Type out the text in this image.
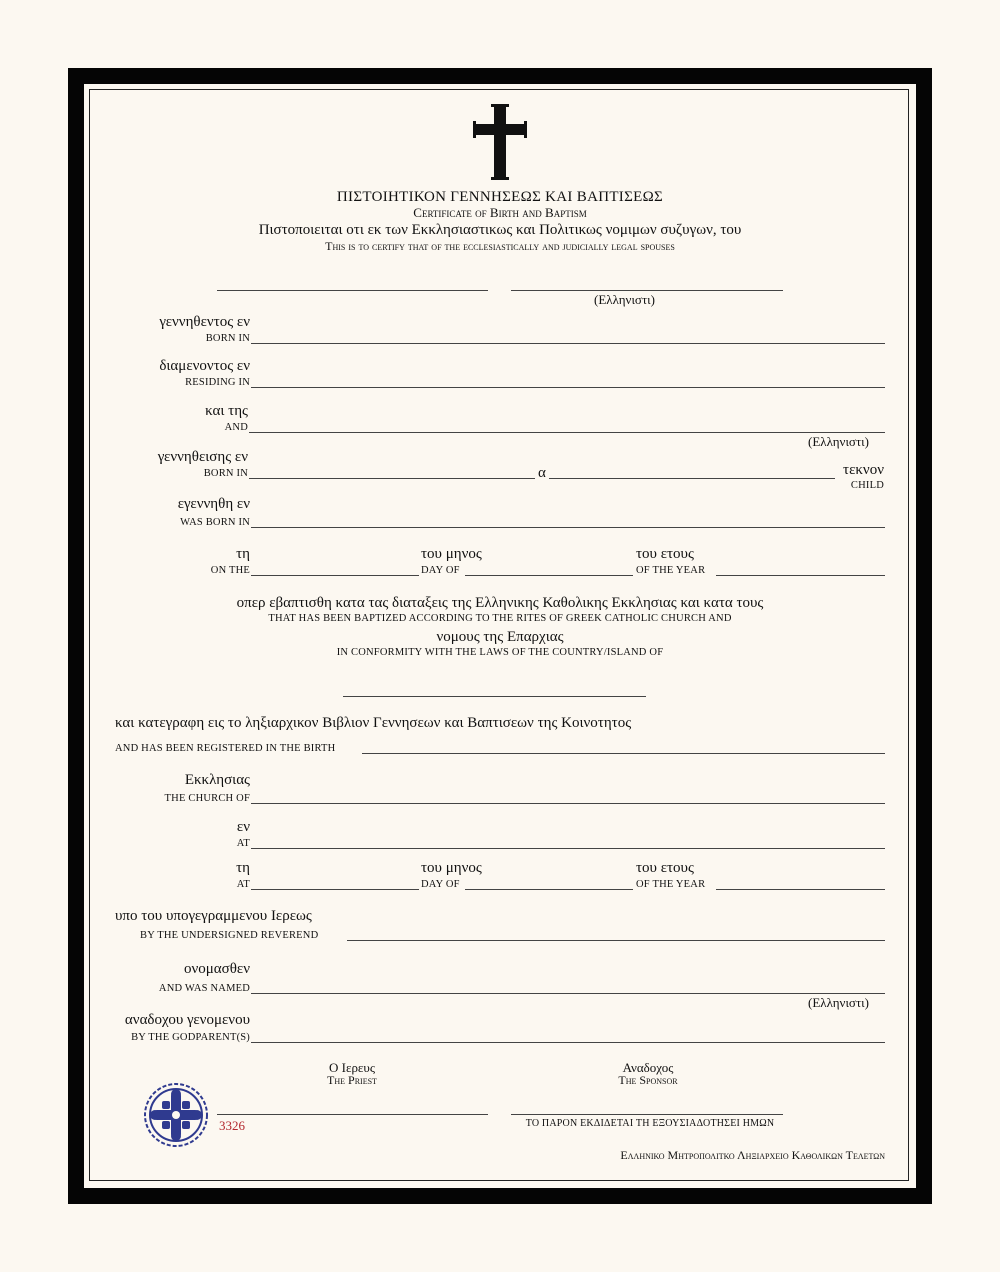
ΠΙΣΤΟΙΗΤΙΚΟΝ ΓΕΝΝΗΣΕΩΣ ΚΑΙ ΒΑΠΤΙΣΕΩΣ
Certificate of Birth and Baptism
Πιστοποιειται οτι εκ των Εκκλησιαστικως και Πολιτικως νομιμων συζυγων, του
This is to certify that of the ecclesiastically and judicially legal spouses
(Ελληνιστι)
γεννηθεντος εν
BORN IN
διαμενοντος εν
RESIDING IN
και της
AND
(Ελληνιστι)
γεννηθεισης εν
BORN IN	α	τεκνον
CHILD
εγεννηθη εν
WAS BORN IN
τη
ON THE
του μηνος
DAY OF
του ετους
OF THE YEAR
οπερ εβαπτισθη κατα τας διαταξεις της Ελληνικης Καθολικης Εκκλησιας και κατα τους
THAT HAS BEEN BAPTIZED ACCORDING TO THE RITES OF GREEK CATHOLIC CHURCH AND
νομους της Επαρχιας
IN CONFORMITY WITH THE LAWS OF THE COUNTRY/ISLAND OF
και κατεγραφη εις το ληξιαρχικον Βιβλιον Γεννησεων και Βαπτισεων της Κοινοτητος
AND HAS BEEN REGISTERED IN THE BIRTH
Εκκλησιας
THE CHURCH OF
εν
AT
τη
AT
του μηνος
DAY OF
του ετους
OF THE YEAR
υπο του υπογεγραμμενου Ιερεως
BY THE UNDERSIGNED REVEREND
ονομασθεν
AND WAS NAMED
(Ελληνιστι)
αναδοχου γενομενου
BY THE GODPARENT(S)
Ο Ιερευς
The Priest
Αναδοχος
The Sponsor
ΤΟ ΠΑΡΟΝ ΕΚΔΙΔΕΤΑΙ ΤΗ ΕΞΟΥΣΙΑΔΟΤΗΣΕΙ ΗΜΩΝ
3326
Ελληνικο Μητροπολιτκο Ληξιαρχειο Καθολικων Τελετων
